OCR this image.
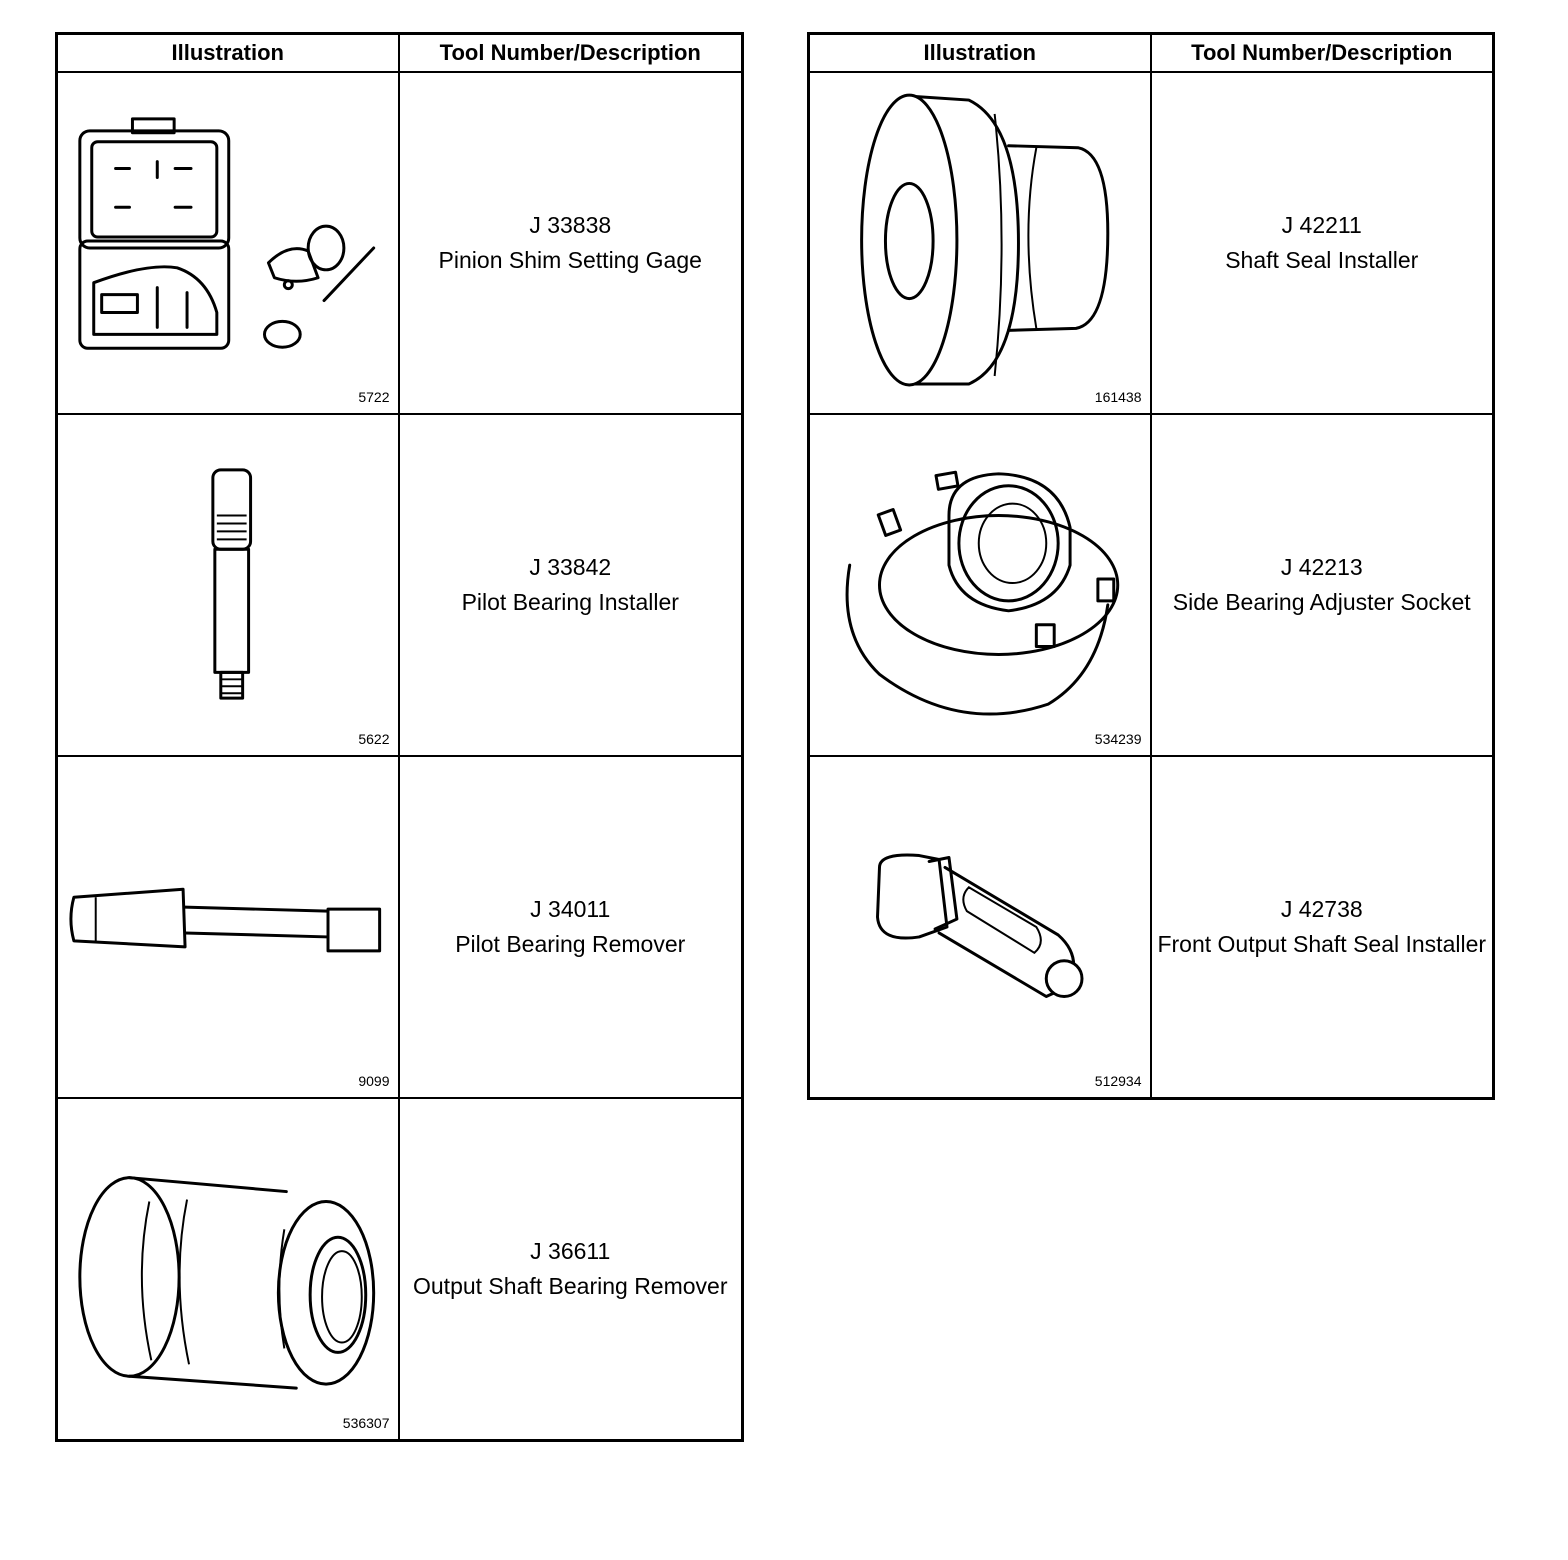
Illustration	Tool Number/Description

5722	J 33838
Pinion Shim Setting Gage

5622	J 33842
Pilot Bearing Installer

9099	J 34011
Pilot Bearing Remover

536307	J 36611
Output Shaft Bearing Remover
Illustration	Tool Number/Description

161438	J 42211
Shaft Seal Installer

534239	J 42213
Side Bearing Adjuster Socket

512934	J 42738
Front Output Shaft Seal Installer
